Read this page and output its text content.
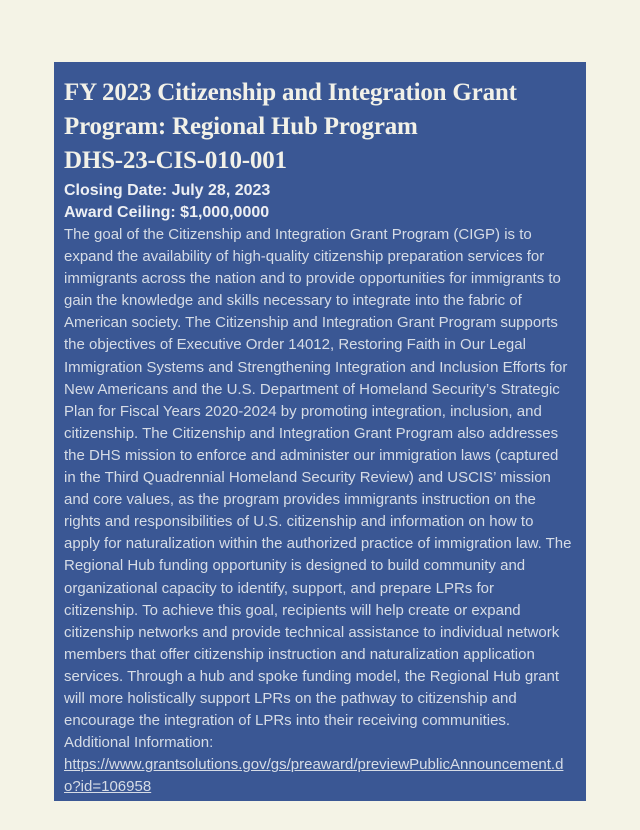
FY 2023 Citizenship and Integration Grant
Program: Regional Hub Program
DHS-23-CIS-010-001
Closing Date: July 28, 2023
Award Ceiling: $1,000,0000

The goal of the Citizenship and Integration Grant Program (CIGP) is to expand the availability of high-quality citizenship preparation services for immigrants across the nation and to provide opportunities for immigrants to gain the knowledge and skills necessary to integrate into the fabric of American society. The Citizenship and Integration Grant Program supports the objectives of Executive Order 14012, Restoring Faith in Our Legal Immigration Systems and Strengthening Integration and Inclusion Efforts for New Americans and the U.S. Department of Homeland Security’s Strategic Plan for Fiscal Years 2020-2024 by promoting integration, inclusion, and citizenship. The Citizenship and Integration Grant Program also addresses the DHS mission to enforce and administer our immigration laws (captured in the Third Quadrennial Homeland Security Review) and USCIS’ mission and core values, as the program provides immigrants instruction on the rights and responsibilities of U.S. citizenship and information on how to apply for naturalization within the authorized practice of immigration law. The Regional Hub funding opportunity is designed to build community and organizational capacity to identify, support, and prepare LPRs for citizenship. To achieve this goal, recipients will help create or expand citizenship networks and provide technical assistance to individual network members that offer citizenship instruction and naturalization application services. Through a hub and spoke funding model, the Regional Hub grant will more holistically support LPRs on the pathway to citizenship and encourage the integration of LPRs into their receiving communities.

Additional Information:
https://www.grantsolutions.gov/gs/preaward/previewPublicAnnouncement.do?id=106958
